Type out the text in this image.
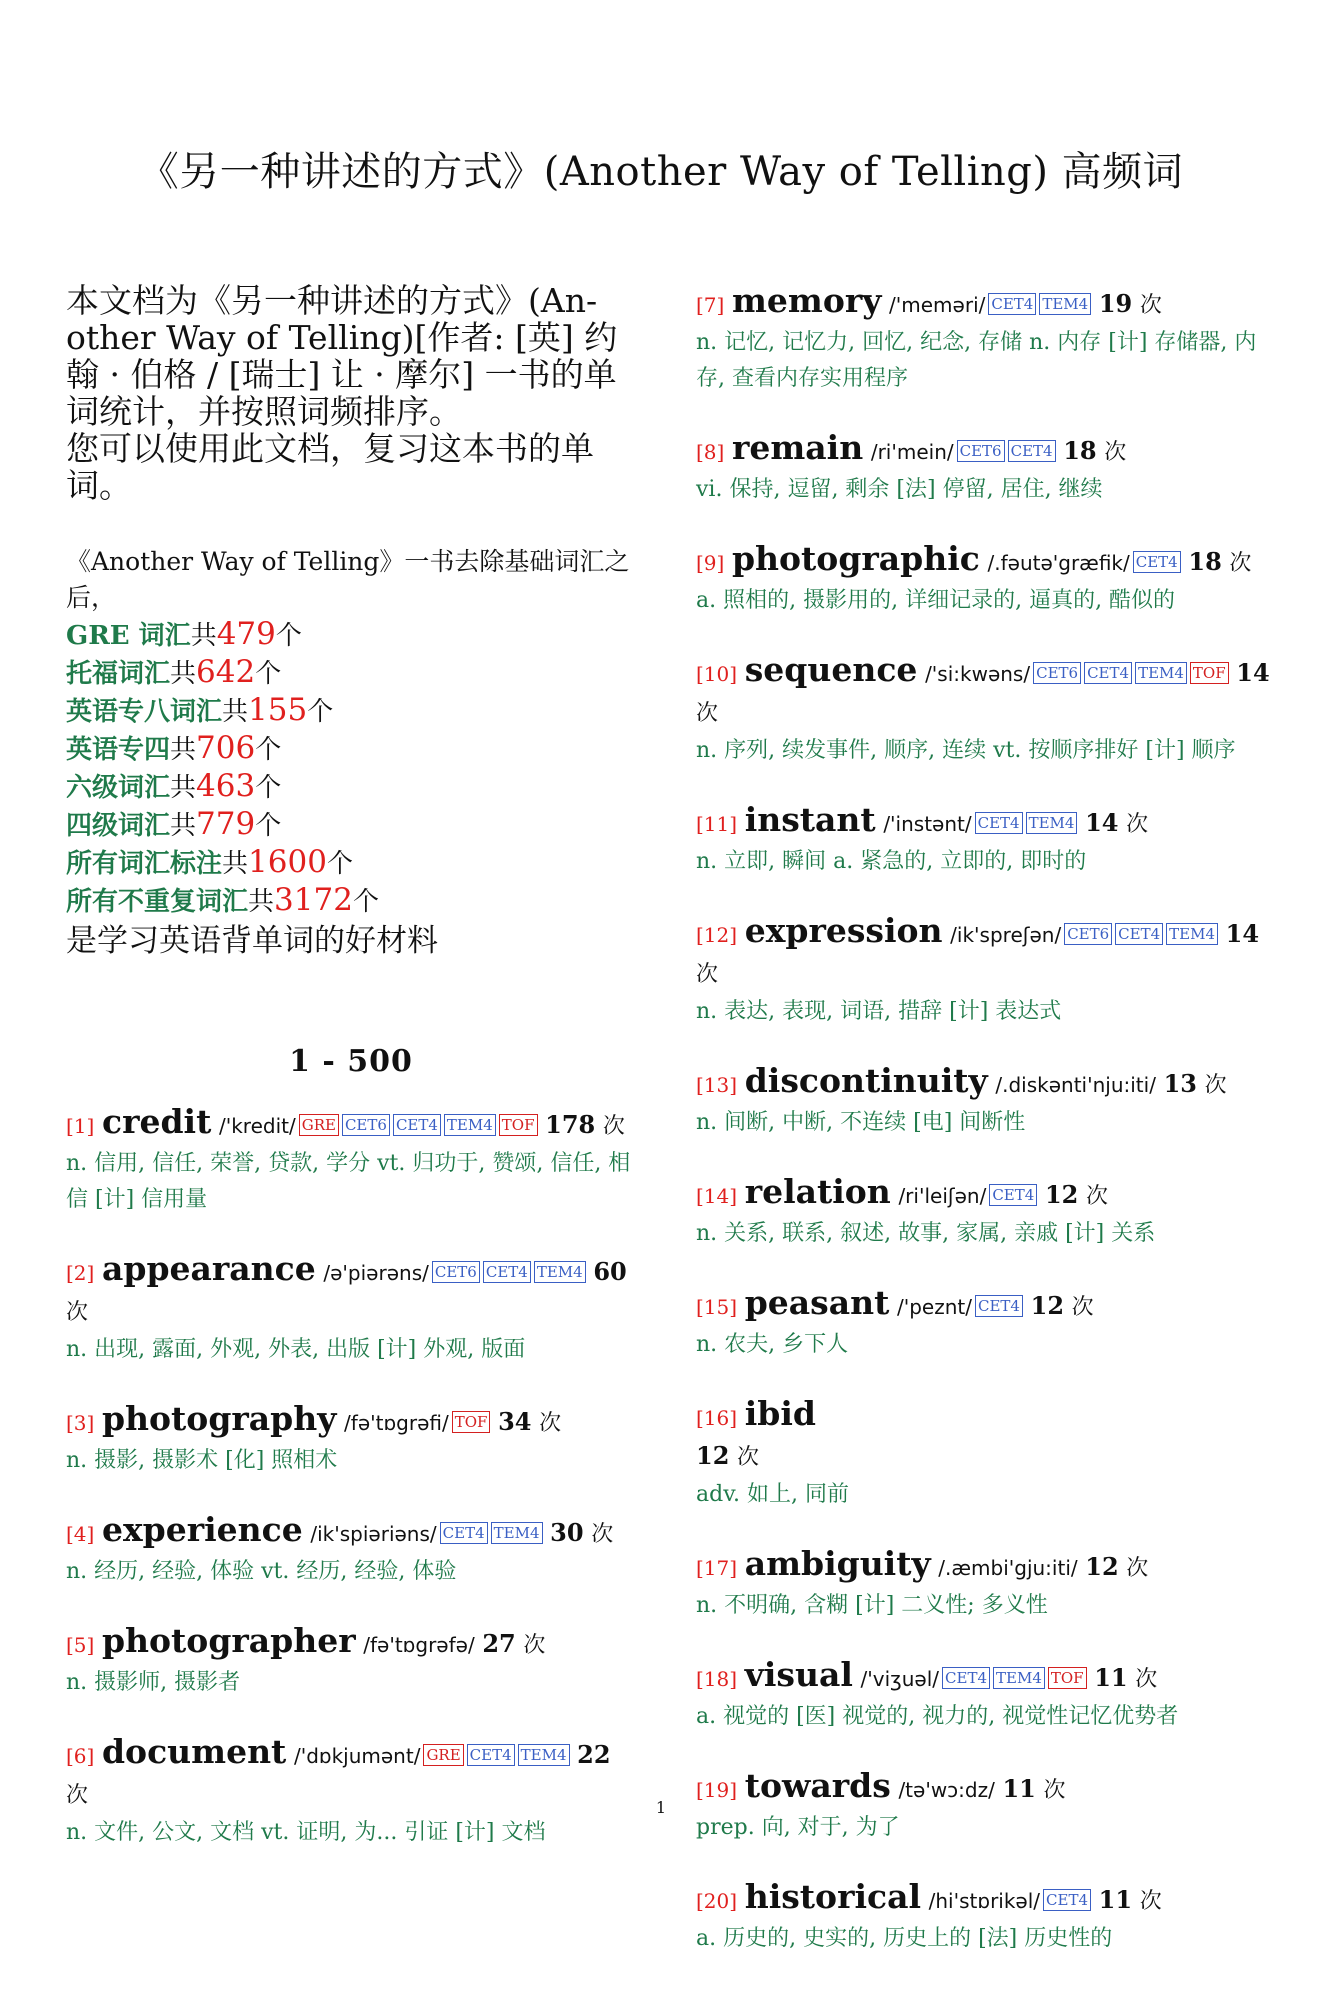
《另一种讲述的方式》(Another Way of Telling) 高频词

本文档为《另一种讲述的方式》(An-other Way of Telling)[作者: [英] 约翰 · 伯格 / [瑞士] 让 · 摩尔] 一书的单词统计，并按照词频排序。

您可以使用此文档，复习这本书的单词。

《Another Way of Telling》一书去除基础词汇之后，

GRE 词汇共479个
托福词汇共642个
英语专八词汇共155个
英语专四共706个
六级词汇共463个
四级词汇共779个
所有词汇标注共1600个
所有不重复词汇共3172个
是学习英语背单词的好材料
1 - 500
[1] credit /'kredit/ GRE CET6 CET4 TEM4 TOF 178 次
n. 信用, 信任, 荣誉, 贷款, 学分 vt. 归功于, 赞颂, 信任, 相信 [计] 信用量
[2] appearance /ə'piərəns/ CET6 CET4 TEM4 60 次
n. 出现, 露面, 外观, 外表, 出版 [计] 外观, 版面
[3] photography /fə'tɒgrəfi/ TOF 34 次
n. 摄影, 摄影术 [化] 照相术
[4] experience /ik'spiəriəns/ CET4 TEM4 30 次
n. 经历, 经验, 体验 vt. 经历, 经验, 体验
[5] photographer /fə'tɒgrəfə/ 27 次
n. 摄影师, 摄影者
[6] document /'dɒkjumənt/ GRE CET4 TEM4 22 次
n. 文件, 公文, 文档 vt. 证明, 为... 引证 [计] 文档
[7] memory /'meməri/ CET4 TEM4 19 次
n. 记忆, 记忆力, 回忆, 纪念, 存储 n. 内存 [计] 存储器, 内存, 查看内存实用程序
[8] remain /ri'mein/ CET6 CET4 18 次
vi. 保持, 逗留, 剩余 [法] 停留, 居住, 继续
[9] photographic /.fəutə'græfik/ CET4 18 次
a. 照相的, 摄影用的, 详细记录的, 逼真的, 酷似的
[10] sequence /'si:kwəns/ CET6 CET4 TEM4 TOF 14 次
n. 序列, 续发事件, 顺序, 连续 vt. 按顺序排好 [计] 顺序
[11] instant /'instənt/ CET4 TEM4 14 次
n. 立即, 瞬间 a. 紧急的, 立即的, 即时的
[12] expression /ik'spreʃən/ CET6 CET4 TEM4 14 次
n. 表达, 表现, 词语, 措辞 [计] 表达式
[13] discontinuity /.diskənti'nju:iti/ 13 次
n. 间断, 中断, 不连续 [电] 间断性
[14] relation /ri'leiʃən/ CET4 12 次
n. 关系, 联系, 叙述, 故事, 家属, 亲戚 [计] 关系
[15] peasant /'peznt/ CET4 12 次
n. 农夫, 乡下人
[16] ibid
12 次
adv. 如上, 同前
[17] ambiguity /.æmbi'gju:iti/ 12 次
n. 不明确, 含糊 [计] 二义性; 多义性
[18] visual /'viʒuəl/ CET4 TEM4 TOF 11 次
a. 视觉的 [医] 视觉的, 视力的, 视觉性记忆优势者
[19] towards /tə'wɔ:dz/ 11 次
prep. 向, 对于, 为了
[20] historical /hi'stɒrikəl/ CET4 11 次
a. 历史的, 史实的, 历史上的 [法] 历史性的
1
